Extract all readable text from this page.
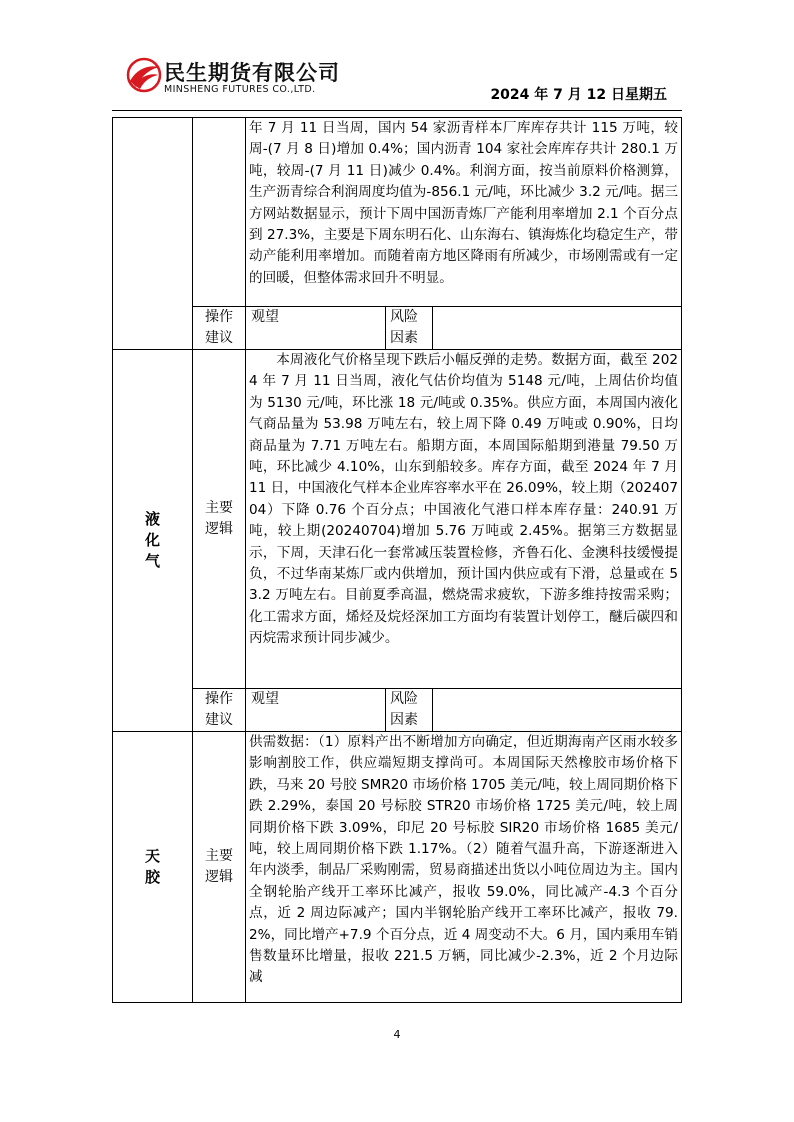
民生期货有限公司
MINSHENG FUTURES CO.,LTD.	2024 年 7 月 12 日星期五
		年 7 月 11 日当周，国内 54 家沥青样本厂库库存共计 115 万吨，较周-(7 月 8 日)增加 0.4%；国内沥青 104 家社会库库存共计 280.1 万吨，较周-(7 月 11 日)减少 0.4%。利润方面，按当前原料价格测算，生产沥青综合利润周度均值为-856.1 元/吨，环比减少 3.2 元/吨。据三方网站数据显示，预计下周中国沥青炼厂产能利用率增加 2.1 个百分点到 27.3%，主要是下周东明石化、山东海右、镇海炼化均稳定生产，带动产能利用率增加。而随着南方地区降雨有所减少，市场刚需或有一定的回暖，但整体需求回升不明显。
	操作建议	观望	风险因素	

液化气	主要逻辑	本周液化气价格呈现下跌后小幅反弹的走势。数据方面，截至 2024 年 7 月 11 日当周，液化气估价均值为 5148 元/吨，上周估价均值为 5130 元/吨，环比涨 18 元/吨或 0.35%。供应方面，本周国内液化气商品量为 53.98 万吨左右，较上周下降 0.49 万吨或 0.90%，日均商品量为 7.71 万吨左右。船期方面，本周国际船期到港量 79.50 万吨，环比减少 4.10%，山东到船较多。库存方面，截至 2024 年 7 月 11 日，中国液化气样本企业库容率水平在 26.09%，较上期（20240704）下降 0.76 个百分点；中国液化气港口样本库存量：240.91 万吨，较上期(20240704)增加 5.76 万吨或 2.45%。据第三方数据显示，下周，天津石化一套常减压装置检修，齐鲁石化、金澳科技缓慢提负，不过华南某炼厂或内供增加，预计国内供应或有下滑，总量或在 53.2 万吨左右。目前夏季高温，燃烧需求疲软，下游多维持按需采购；化工需求方面，烯烃及烷烃深加工方面均有装置计划停工，醚后碳四和丙烷需求预计同步减少。
	操作建议	观望	风险因素	

天胶	主要逻辑	供需数据：（1）原料产出不断增加方向确定，但近期海南产区雨水较多影响割胶工作，供应端短期支撑尚可。本周国际天然橡胶市场价格下跌，马来 20 号胶 SMR20 市场价格 1705 美元/吨，较上周同期价格下跌 2.29%，泰国 20 号标胶 STR20 市场价格 1725 美元/吨，较上周同期价格下跌 3.09%，印尼 20 号标胶 SIR20 市场价格 1685 美元/吨，较上周同期价格下跌 1.17%。（2）随着气温升高，下游逐渐进入年内淡季，制品厂采购刚需，贸易商描述出货以小吨位周边为主。国内全钢轮胎产线开工率环比减产，报收 59.0%，同比减产-4.3 个百分点，近 2 周边际减产；国内半钢轮胎产线开工率环比减产，报收 79.2%，同比增产+7.9 个百分点，近 4 周变动不大。6 月，国内乘用车销售数量环比增量，报收 221.5 万辆，同比减少-2.3%，近 2 个月边际减
4
